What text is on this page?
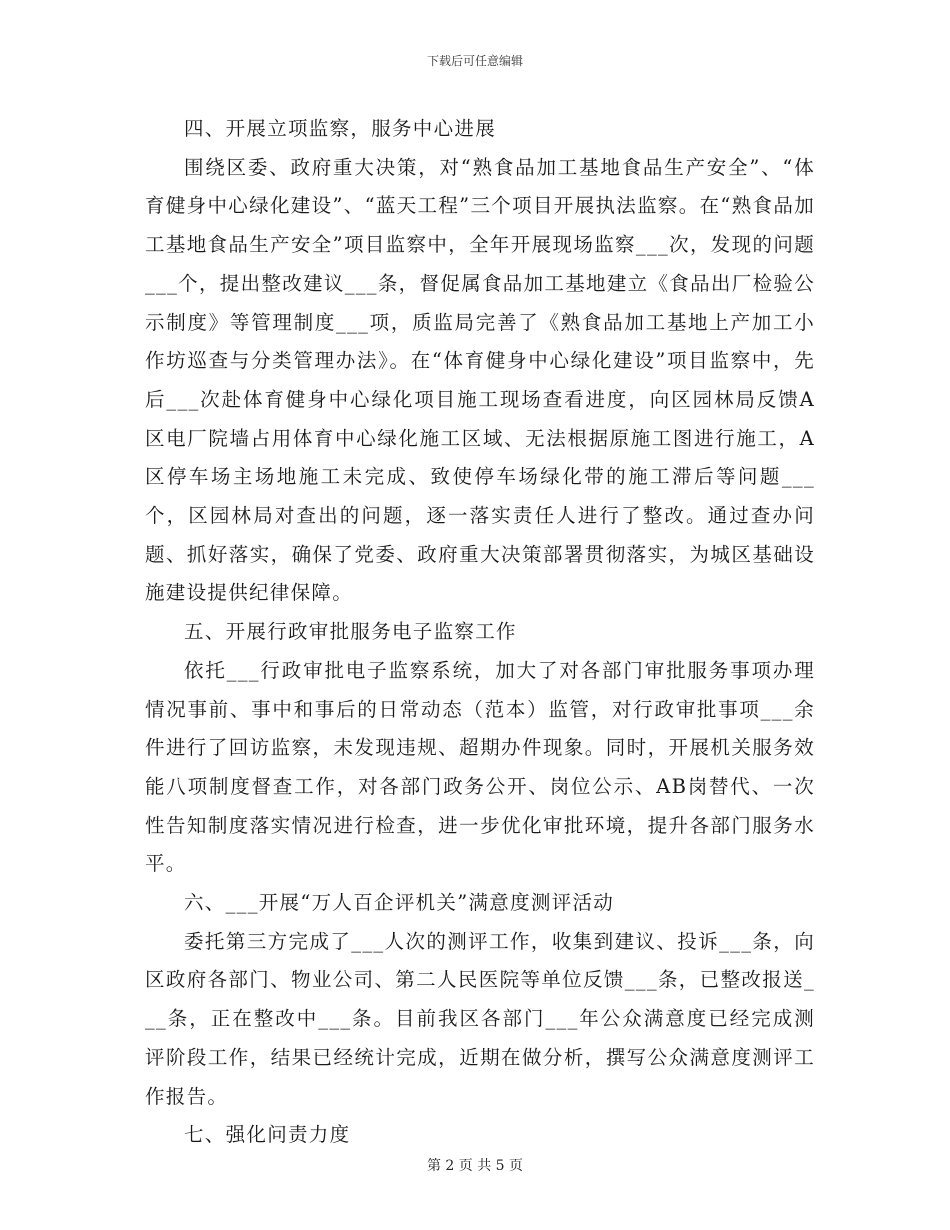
下载后可任意编辑

四、开展立项监察，服务中心进展

围绕区委、政府重大决策，对“熟食品加工基地食品生产安全”、“体育健身中心绿化建设”、“蓝天工程”三个项目开展执法监察。在“熟食品加工基地食品生产安全”项目监察中，全年开展现场监察___次，发现的问题___个，提出整改建议___条，督促属食品加工基地建立《食品出厂检验公示制度》等管理制度___项，质监局完善了《熟食品加工基地上产加工小作坊巡查与分类管理办法》。在“体育健身中心绿化建设”项目监察中，先后___次赴体育健身中心绿化项目施工现场查看进度，向区园林局反馈A区电厂院墙占用体育中心绿化施工区域、无法根据原施工图进行施工，A区停车场主场地施工未完成、致使停车场绿化带的施工滞后等问题___个，区园林局对查出的问题，逐一落实责任人进行了整改。通过查办问题、抓好落实，确保了党委、政府重大决策部署贯彻落实，为城区基础设施建设提供纪律保障。

五、开展行政审批服务电子监察工作

依托___行政审批电子监察系统，加大了对各部门审批服务事项办理情况事前、事中和事后的日常动态（范本）监管，对行政审批事项___余件进行了回访监察，未发现违规、超期办件现象。同时，开展机关服务效能八项制度督查工作，对各部门政务公开、岗位公示、AB岗替代、一次性告知制度落实情况进行检查，进一步优化审批环境，提升各部门服务水平。

六、___开展“万人百企评机关”满意度测评活动

委托第三方完成了___人次的测评工作，收集到建议、投诉___条，向区政府各部门、物业公司、第二人民医院等单位反馈___条，已整改报送___条，正在整改中___条。目前我区各部门___年公众满意度已经完成测评阶段工作，结果已经统计完成，近期在做分析，撰写公众满意度测评工作报告。

七、强化问责力度

第 2 页 共 5 页
